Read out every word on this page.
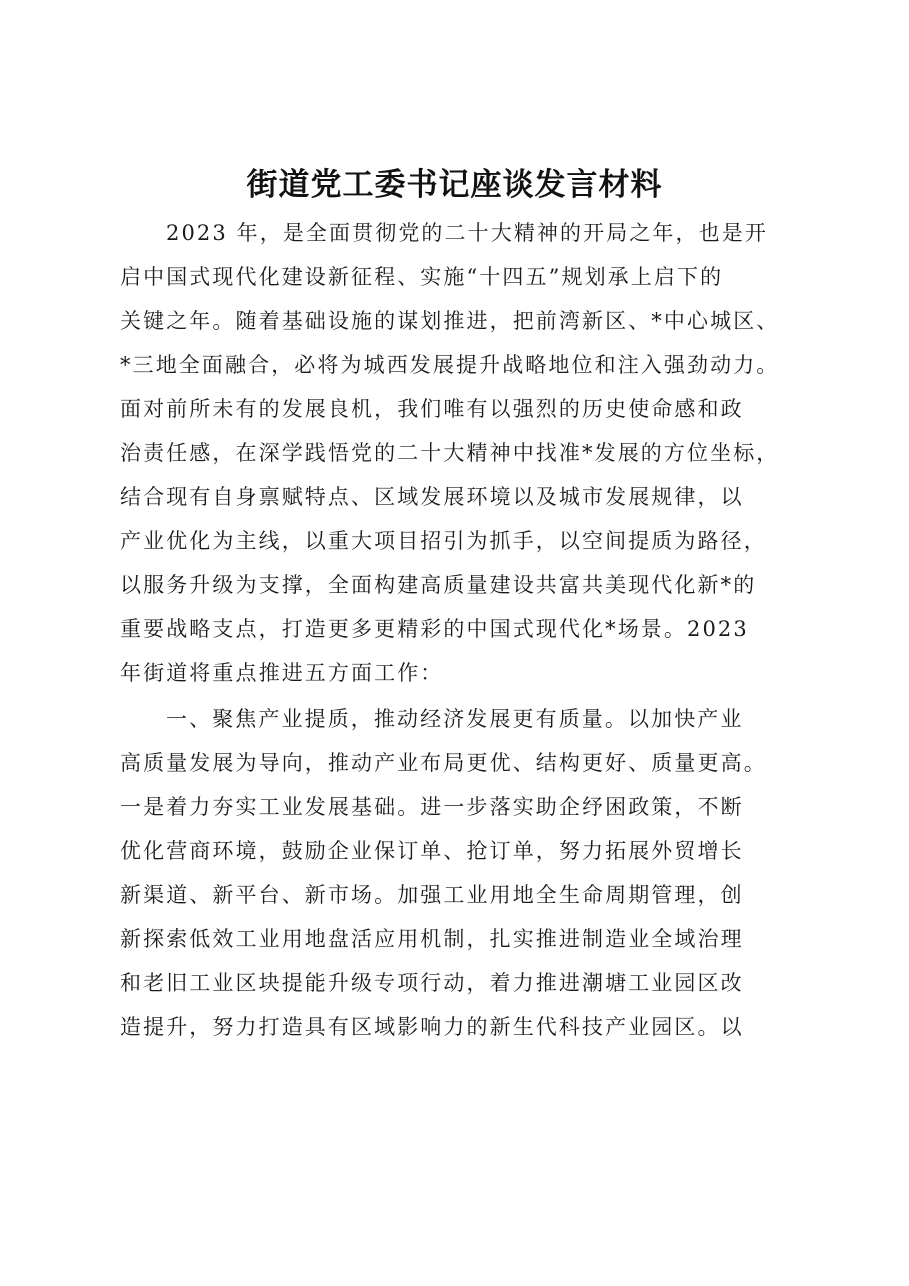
街道党工委书记座谈发言材料

2023 年，是全面贯彻党的二十大精神的开局之年，也是开

启中国式现代化建设新征程、实施“十四五”规划承上启下的

关键之年。随着基础设施的谋划推进，把前湾新区、*中心城区、

*三地全面融合，必将为城西发展提升战略地位和注入强劲动力。

面对前所未有的发展良机，我们唯有以强烈的历史使命感和政

治责任感，在深学践悟党的二十大精神中找准*发展的方位坐标，

结合现有自身禀赋特点、区域发展环境以及城市发展规律，以

产业优化为主线，以重大项目招引为抓手，以空间提质为路径，

以服务升级为支撑，全面构建高质量建设共富共美现代化新*的

重要战略支点，打造更多更精彩的中国式现代化*场景。2023

年街道将重点推进五方面工作：

一、聚焦产业提质，推动经济发展更有质量。以加快产业

高质量发展为导向，推动产业布局更优、结构更好、质量更高。

一是着力夯实工业发展基础。进一步落实助企纾困政策，不断

优化营商环境，鼓励企业保订单、抢订单，努力拓展外贸增长

新渠道、新平台、新市场。加强工业用地全生命周期管理，创

新探索低效工业用地盘活应用机制，扎实推进制造业全域治理

和老旧工业区块提能升级专项行动，着力推进潮塘工业园区改

造提升，努力打造具有区域影响力的新生代科技产业园区。以
